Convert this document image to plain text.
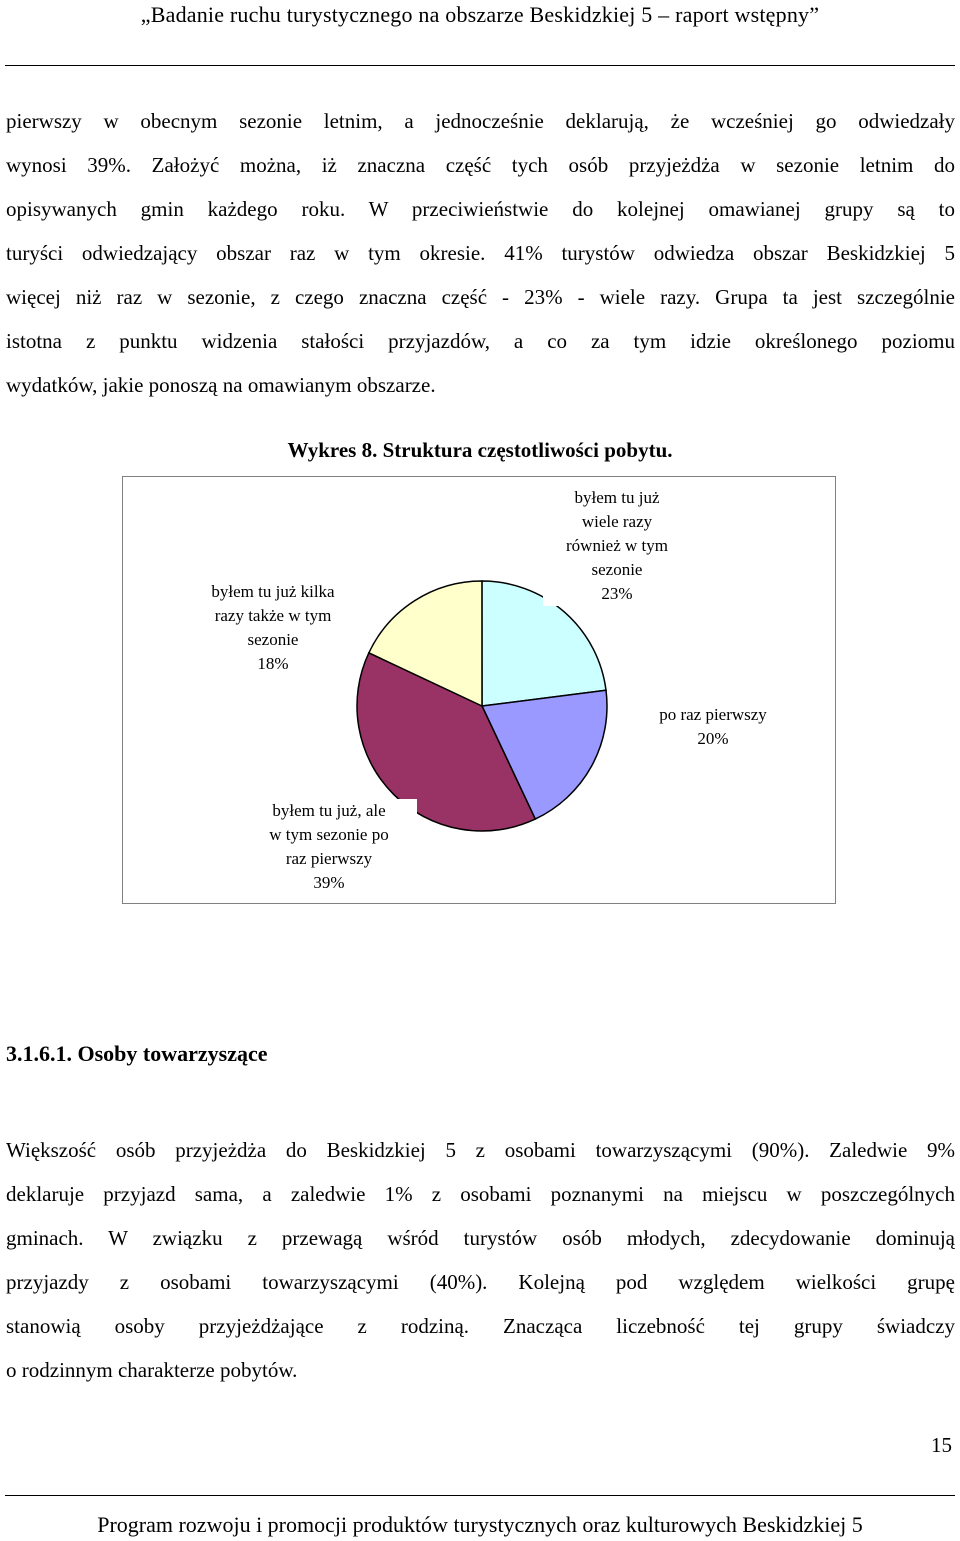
„Badanie ruchu turystycznego na obszarze Beskidzkiej 5 – raport wstępny”
pierwszy w obecnym sezonie letnim, a jednocześnie deklarują, że wcześniej go odwiedzały
wynosi 39%. Założyć można, iż znaczna część tych osób przyjeżdża w sezonie letnim do
opisywanych gmin każdego roku. W przeciwieństwie do kolejnej omawianej grupy są to
turyści odwiedzający obszar raz w tym okresie. 41% turystów odwiedza obszar Beskidzkiej 5
więcej niż raz w sezonie, z czego znaczna część - 23% - wiele razy. Grupa ta jest szczególnie
istotna z punktu widzenia stałości przyjazdów, a co za tym idzie określonego poziomu
wydatków, jakie ponoszą na omawianym obszarze.
Wykres 8. Struktura częstotliwości pobytu.
byłem tu już
wiele razy
również w tym
sezonie
23%
po raz pierwszy
20%
byłem tu już, ale
w tym sezonie po
raz pierwszy
39%
byłem tu już kilka
razy także w tym
sezonie
18%
3.1.6.1. Osoby towarzyszące
Większość osób przyjeżdża do Beskidzkiej 5 z osobami towarzyszącymi (90%). Zaledwie 9%
deklaruje przyjazd sama, a zaledwie 1% z osobami poznanymi na miejscu w poszczególnych
gminach. W związku z przewagą wśród turystów osób młodych, zdecydowanie dominują
przyjazdy z osobami towarzyszącymi (40%). Kolejną pod względem wielkości grupę
stanowią osoby przyjeżdżające z rodziną. Znacząca liczebność tej grupy świadczy
o rodzinnym charakterze pobytów.
15
Program rozwoju i promocji produktów turystycznych oraz kulturowych Beskidzkiej 5
